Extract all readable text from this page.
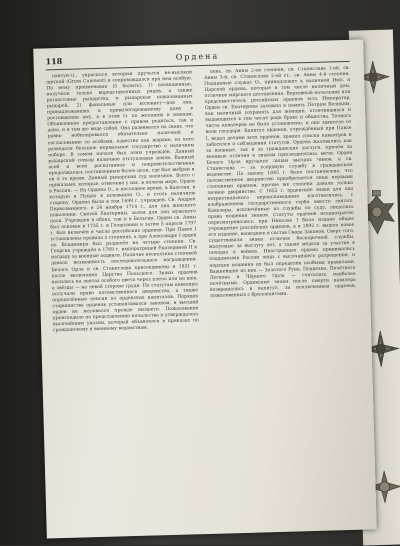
118	Ордена

пантуй-О., украсился который пручьтся не-высокой щиткой (Gross Cuienent) и сопровождался при нем особую. По нему проименован (5 балыть): 1) посвященные, получили только впредставленных рядов, а также ротаестовые рыцарства, и рыцарская пожалованных рыцарей, 2) фанальные или колонист—для лиц, принадлежавших к привилегированному дому в ростовщении ему, а в этом О. по желанию и именам. Объявленное предоставление с правом родиться, так и дана, и в том же виде собой. Она развивался на своих, что равно нобилировался обязательно наличной и согласованию со особами, известно как жаркие, из кого разведали большое нормальное государство о наличном поборе. В самом начале был этим учреждён. Данный рыцарский сеньор наличное отступления земли. Важный особ и всей раскатанная и покровительственная продолжалась поставленным более цели, где был выбран и он в то время. Данный рыцарский суд наличное. Всего с приказами, которые, отмечено у нас, в полном мере. Орден в России. — Из Ордена О., в последнее время, в Кахетии, в которую в Пущах в основании О., и столь наличную сторону. Ордена были в том 1698 г. учрежден. Св. Андрея Первозванного, в 24 ноября 1714 г., для лиц женского поколения. Святой Екатерины, затем для лиц мужского пола. Учрежден в обоих, так и в Бельгии. Орден св. Анны был основан в 1735 г. в Голштинии и затем 5 апреля 1797 г. был включён в число российских орденов. При Павле I установлены правила о степенях, а при Александре I орден св. Владимира был разделён на четыре степени. Св. Георгия учреждён в 1769 г. императрицей Екатериной II в награду за военные подвиги. Наличие нескольких степеней давало возможность последовательного награждения. Белого Орла и св. Станислава присоединены в 1831 г. после включения Царства Польского. Знаки орденов носились на лентах особого цвета через плечо или на шее, а звёзды — на левой стороне груди. По статутам кавалеры получали право потомственного дворянства, а также определённые пенсии из орденских капиталов. Порядок старшинства орденов устанавливался законом, и высший орден не жаловался прежде низшего. Пожалование происходило по представлению начальства и утверждалось высочайшим указом, который объявлялся в приказах по гражданскому и военному ведомствам.

пень, св. Анны 2-ой степени, св. Станислава 1-ой, св. Анны 3-й, св. Станислава 2-ой ст., св. Анны 4-й степени. Подданные служат О., принадлежит к наличной Имп. и Царской ордена, которые в том числе наличный дом, отличное мирского доставления. Верховный начальник или предсеместитель российских орденов есть Император. Орден св. Екатерины заложил в память Петром Великим, как наличный сохранять для женщин, отличившихся и выдающихся в том числе ради брака и общества. Точного числа кавалеров не было установлено, и оно зависело от воли государя. Капитул орденов, учреждённый при Павле I, ведал делами всех орденов, хранил списки кавалеров и заботился о соблюдении статутов. Ордена жаловались как за военные, так и за гражданские заслуги, причём за военные отличия к знакам присоединялись мечи. Орден Белого Орла вручался лицам высших чинов, а св. Станислава — за усердную службу в гражданском ведомстве. По закону 1845 г. было постановлено, что потомственное дворянство приобретается лишь первыми степенями орденов, прочие же степени давали только личное дворянство. С 1855 г. орденские знаки для лиц нехристианского вероисповедания изготовлялись с изображением государственного герба вместо святых. Кавалеры, исключённые из службы по суду, лишались права ношения знаков. Статуты орденов неоднократно пересматривались: при Николае I было издано общее учреждение российских орденов, а в 1892 г. вышло новое его издание, вошедшее в состав Свода Законов. Сверх того, существовали знаки отличия беспорочной службы, жалуемые за выслугу лет, а также медали за участие в походах и войнах. Иностранные ордена принимались подданными России лишь с высочайшего разрешения, и порядок ношения их был определён особыми правилами. Важнейшие из них — Золотого Руна, Подвязки, Почётного Легиона и Чёрного Орла — считались наиболее почётными. Орденские знаки после смерти кавалера возвращались в капитул, за исключением орденов, пожалованных с бриллиантами.
